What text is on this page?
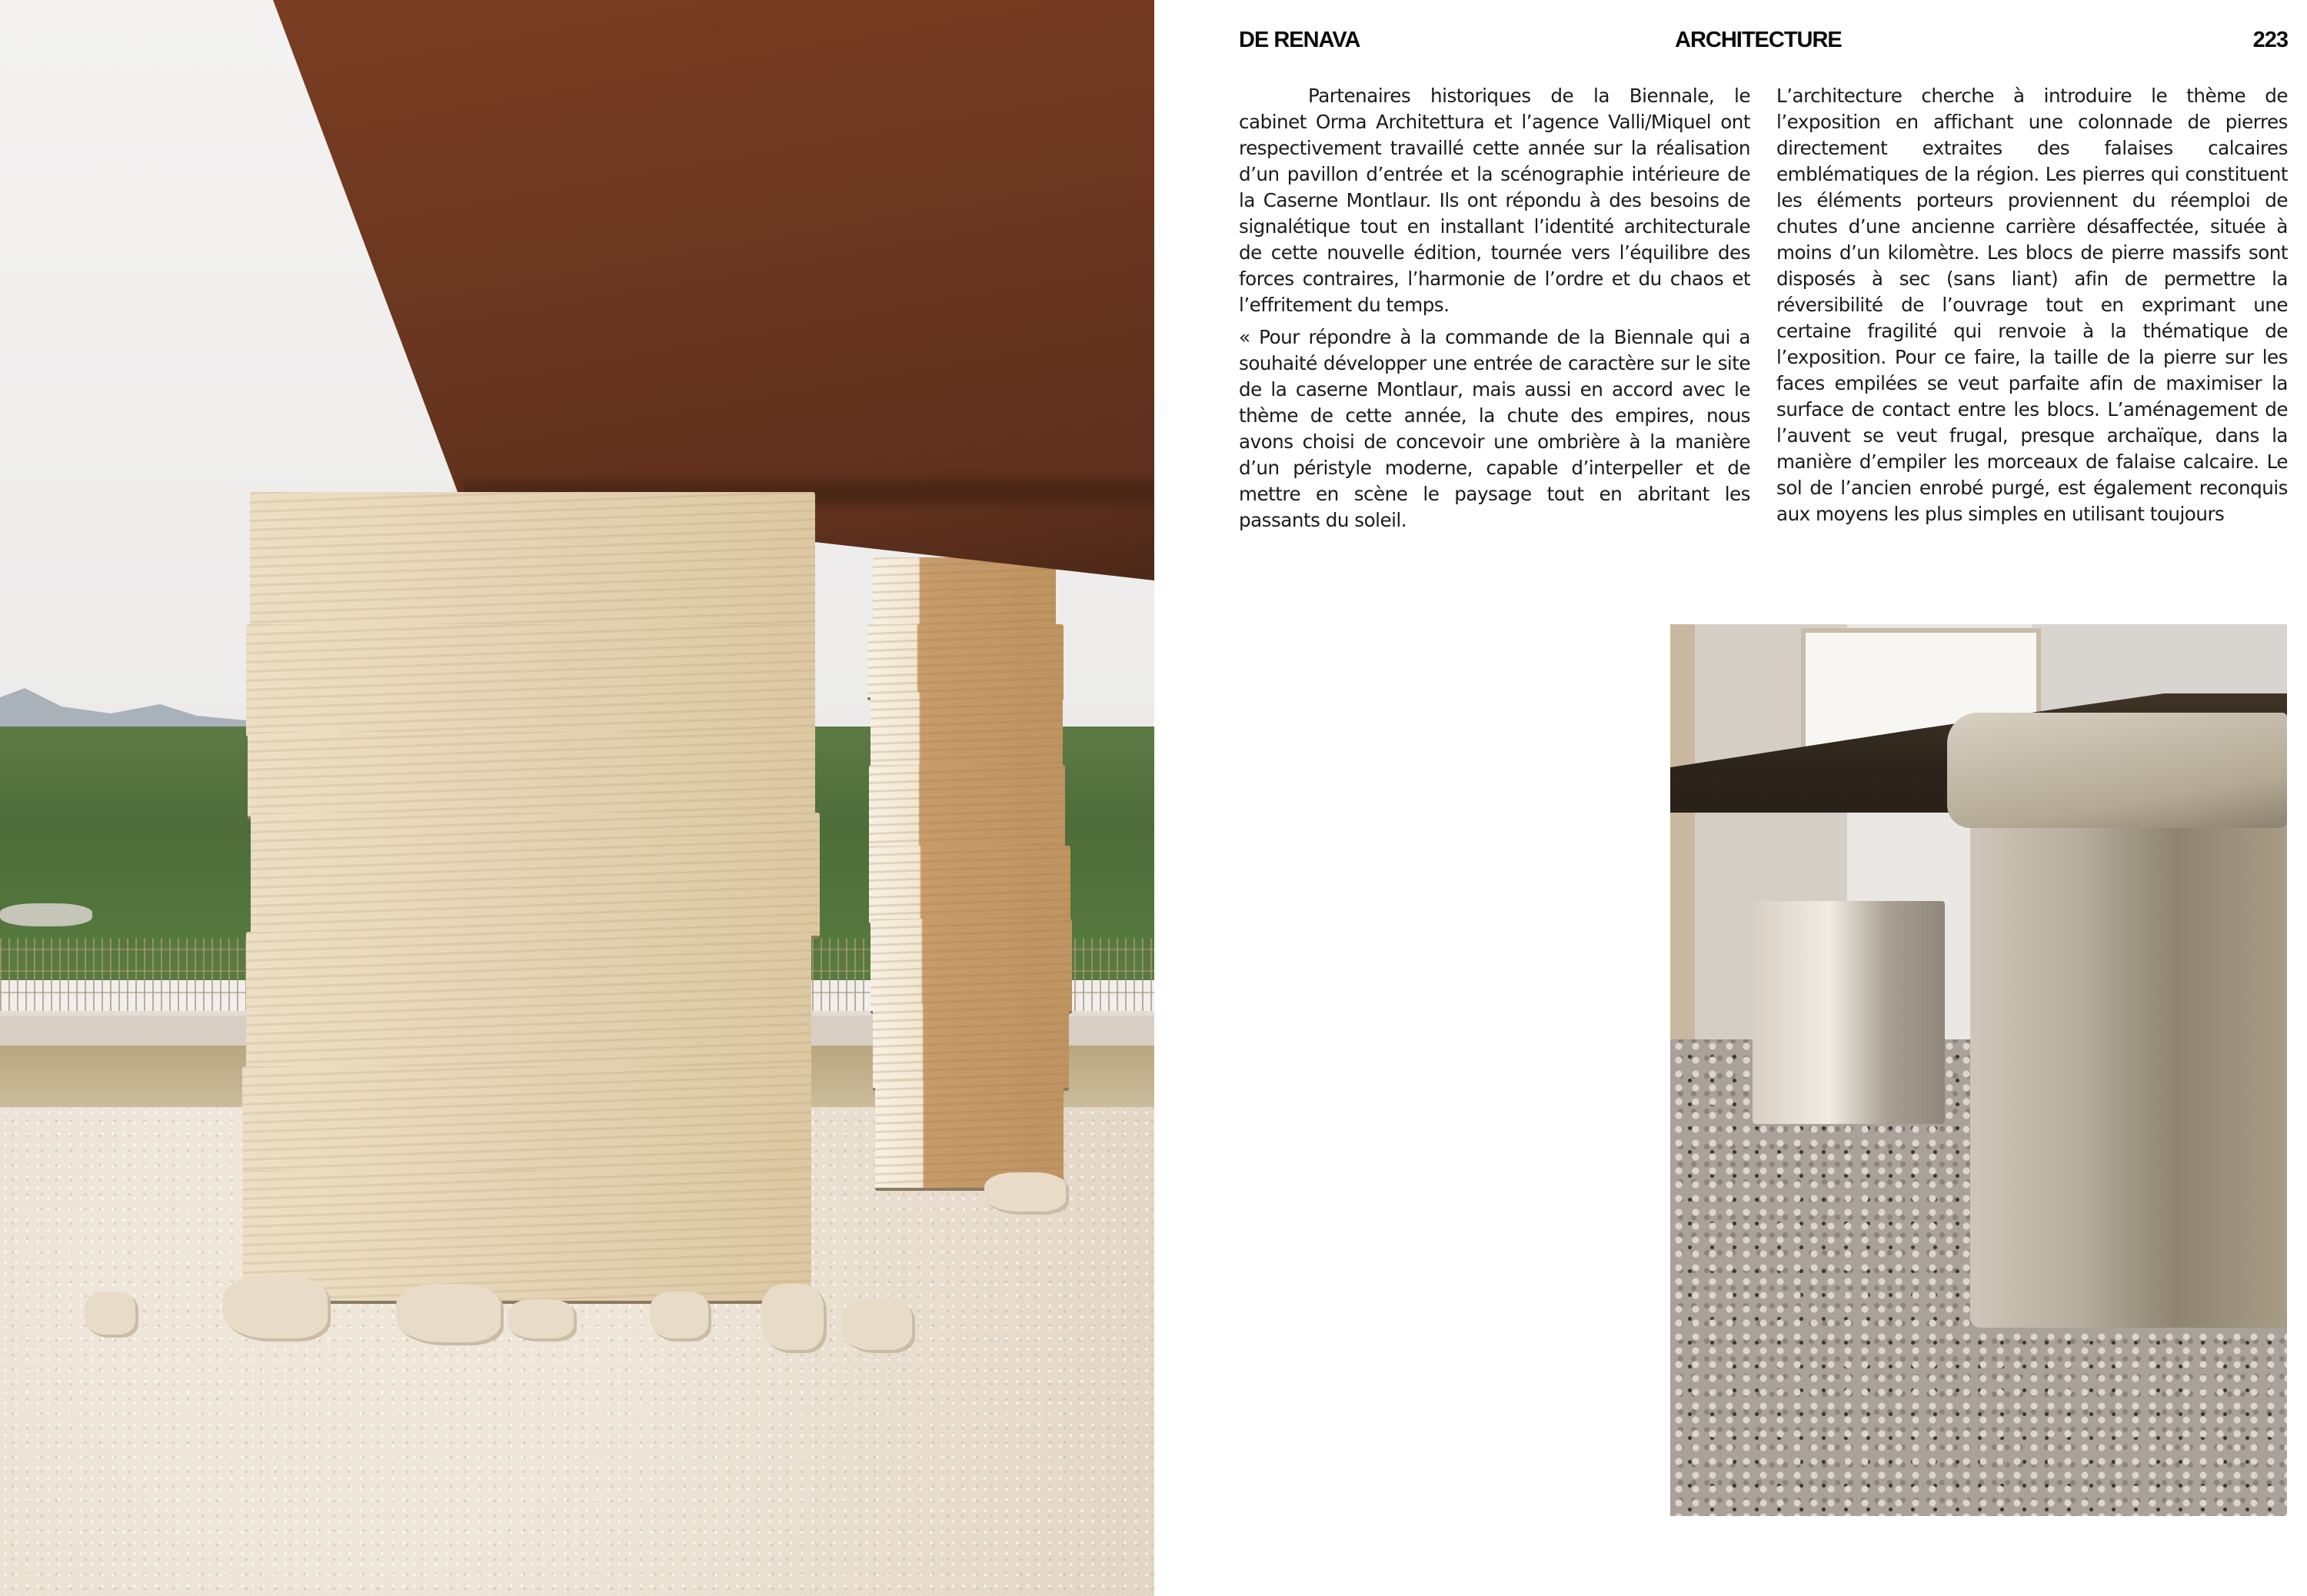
DE RENAVA	ARCHITECTURE	223

Partenaires historiques de la Biennale, le cabinet Orma Architettura et l’agence Valli/Miquel ont respectivement travaillé cette année sur la réalisation d’un pavillon d’entrée et la scénographie intérieure de la Caserne Montlaur. Ils ont répondu à des besoins de signalétique tout en installant l’identité architecturale de cette nouvelle édition, tournée vers l’équilibre des forces contraires, l’harmonie de l’ordre et du chaos et l’effritement du temps.

« Pour répondre à la commande de la Biennale qui a souhaité développer une entrée de caractère sur le site de la caserne Montlaur, mais aussi en accord avec le thème de cette année, la chute des empires, nous avons choisi de concevoir une ombrière à la manière d’un péristyle moderne, capable d’interpeller et de mettre en scène le paysage tout en abritant les passants du soleil.

L’architecture cherche à introduire le thème de l’exposition en affichant une colonnade de pierres directement extraites des falaises calcaires emblématiques de la région. Les pierres qui constituent les éléments porteurs proviennent du réemploi de chutes d’une ancienne carrière désaffectée, située à moins d’un kilomètre. Les blocs de pierre massifs sont disposés à sec (sans liant) afin de permettre la réversibilité de l’ouvrage tout en exprimant une certaine fragilité qui renvoie à la thématique de l’exposition. Pour ce faire, la taille de la pierre sur les faces empilées se veut parfaite afin de maximiser la surface de contact entre les blocs. L’aménagement de l’auvent se veut frugal, presque archaïque, dans la manière d’empiler les morceaux de falaise calcaire. Le sol de l’ancien enrobé purgé, est également reconquis aux moyens les plus simples en utilisant toujours
